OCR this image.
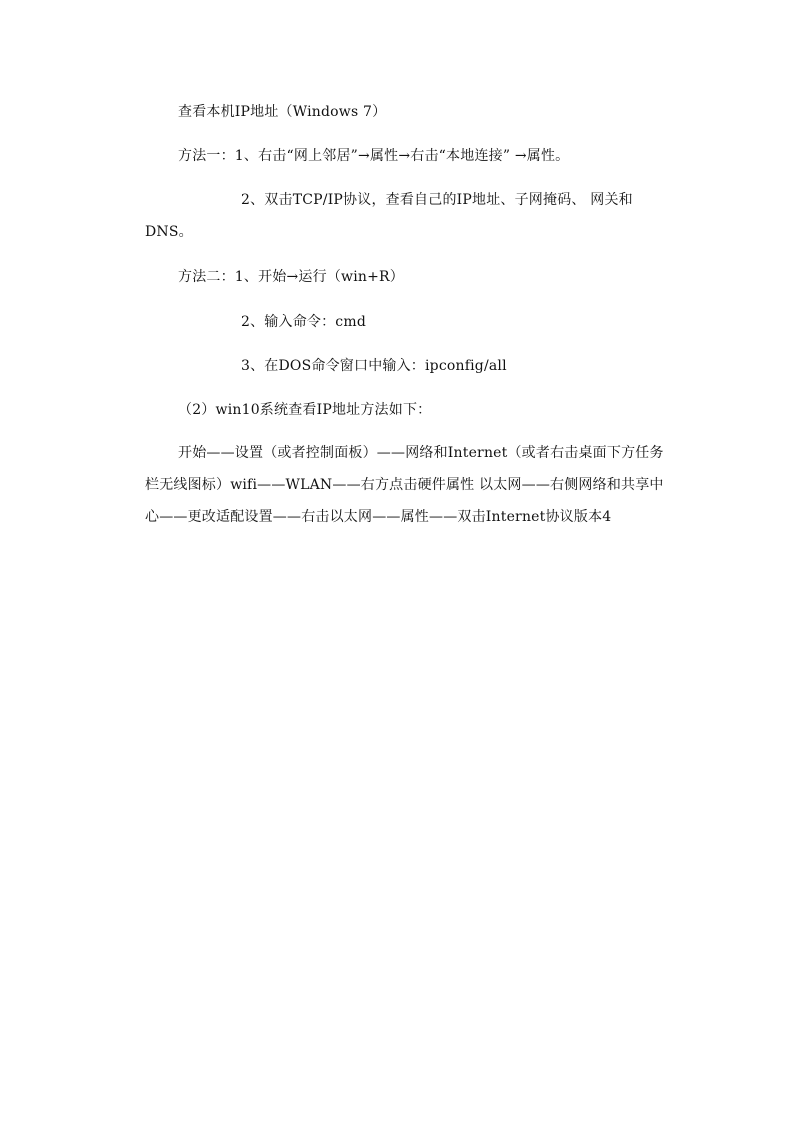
查看本机IP地址（Windows 7）

方法一：1、右击“网上邻居”→属性→右击“本地连接” →属性。

2、双击TCP/IP协议，查看自己的IP地址、子网掩码、 网关和DNS。

方法二：1、开始→运行（win+R）

2、输入命令：cmd

3、在DOS命令窗口中输入：ipconfig/all

（2）win10系统查看IP地址方法如下：

开始——设置（或者控制面板）——网络和Internet（或者右击桌面下方任务栏无线图标）wifi——WLAN——右方点击硬件属性 以太网——右侧网络和共享中心——更改适配设置——右击以太网——属性——双击Internet协议版本4
